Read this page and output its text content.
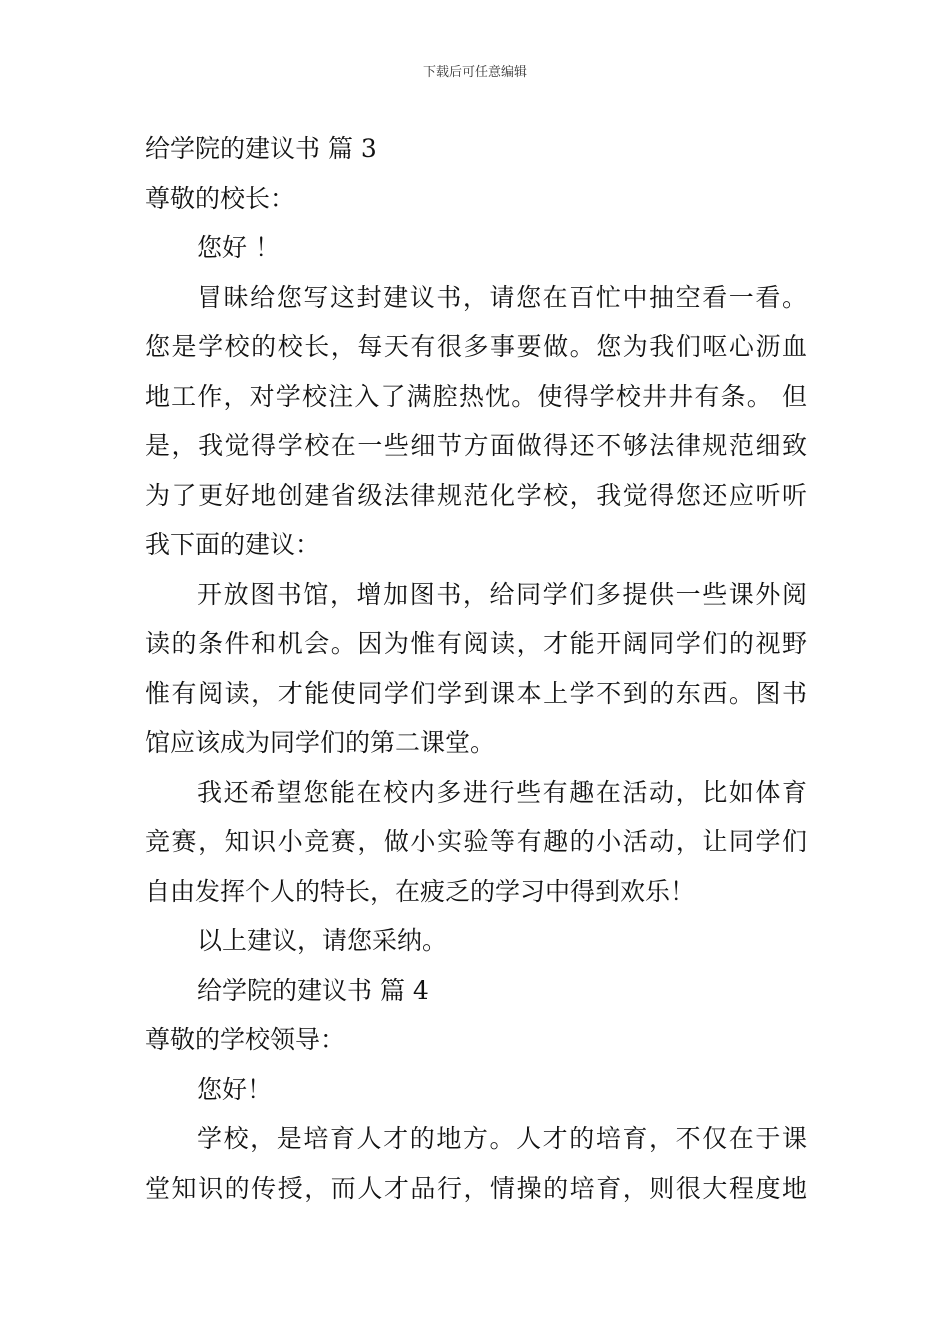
下载后可任意编辑
给学院的建议书 篇 3
尊敬的校长：
您好 ！
冒昧给您写这封建议书，请您在百忙中抽空看一看。
您是学校的校长，每天有很多事要做。您为我们呕心沥血
地工作，对学校注入了满腔热忱。使得学校井井有条。 但
是，我觉得学校在一些细节方面做得还不够法律规范细致
为了更好地创建省级法律规范化学校，我觉得您还应听听
我下面的建议：
开放图书馆，增加图书，给同学们多提供一些课外阅
读的条件和机会。因为惟有阅读，才能开阔同学们的视野
惟有阅读，才能使同学们学到课本上学不到的东西。图书
馆应该成为同学们的第二课堂。
我还希望您能在校内多进行些有趣在活动，比如体育
竞赛，知识小竞赛，做小实验等有趣的小活动，让同学们
自由发挥个人的特长，在疲乏的学习中得到欢乐！
以上建议，请您采纳。
给学院的建议书 篇 4
尊敬的学校领导：
您好！
学校，是培育人才的地方。人才的培育，不仅在于课
堂知识的传授，而人才品行，情操的培育，则很大程度地
